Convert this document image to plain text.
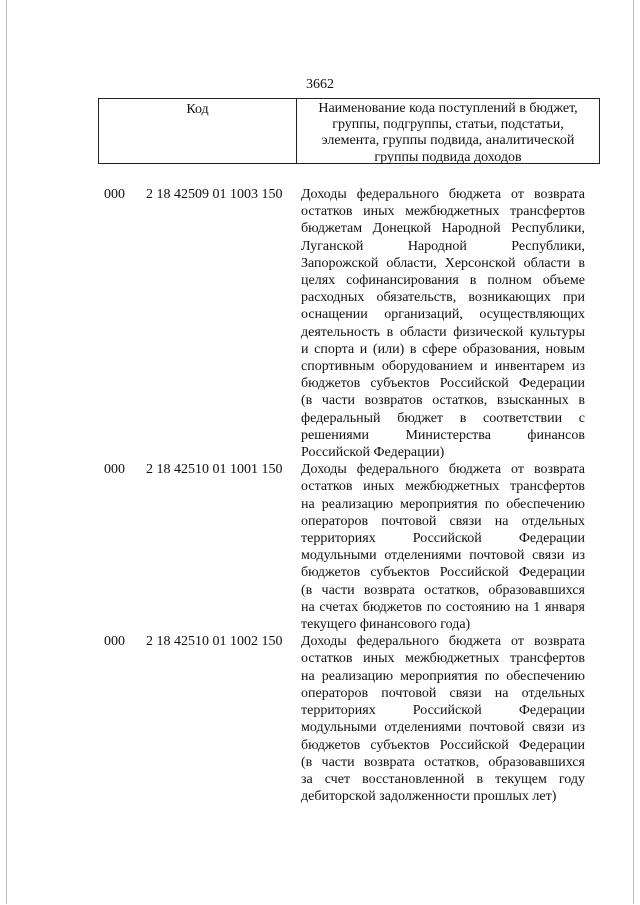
3662
Код	Наименование кода поступлений в бюджет,
группы, подгруппы, статьи, подстатьи,
элемента, группы подвида, аналитической
группы подвида доходов
000	2 18 42509 01 1003 150	Доходы федерального бюджета от возврата
остатков иных межбюджетных трансфертов
бюджетам Донецкой Народной Республики,
Луганской Народной Республики,
Запорожской области, Херсонской области в
целях софинансирования в полном объеме
расходных обязательств, возникающих при
оснащении организаций, осуществляющих
деятельность в области физической культуры
и спорта и (или) в сфере образования, новым
спортивным оборудованием и инвентарем из
бюджетов субъектов Российской Федерации
(в части возвратов остатков, взысканных в
федеральный бюджет в соответствии с
решениями Министерства финансов
Российской Федерации)
000	2 18 42510 01 1001 150	Доходы федерального бюджета от возврата
остатков иных межбюджетных трансфертов
на реализацию мероприятия по обеспечению
операторов почтовой связи на отдельных
территориях Российской Федерации
модульными отделениями почтовой связи из
бюджетов субъектов Российской Федерации
(в части возврата остатков, образовавшихся
на счетах бюджетов по состоянию на 1 января
текущего финансового года)
000	2 18 42510 01 1002 150	Доходы федерального бюджета от возврата
остатков иных межбюджетных трансфертов
на реализацию мероприятия по обеспечению
операторов почтовой связи на отдельных
территориях Российской Федерации
модульными отделениями почтовой связи из
бюджетов субъектов Российской Федерации
(в части возврата остатков, образовавшихся
за счет восстановленной в текущем году
дебиторской задолженности прошлых лет)
